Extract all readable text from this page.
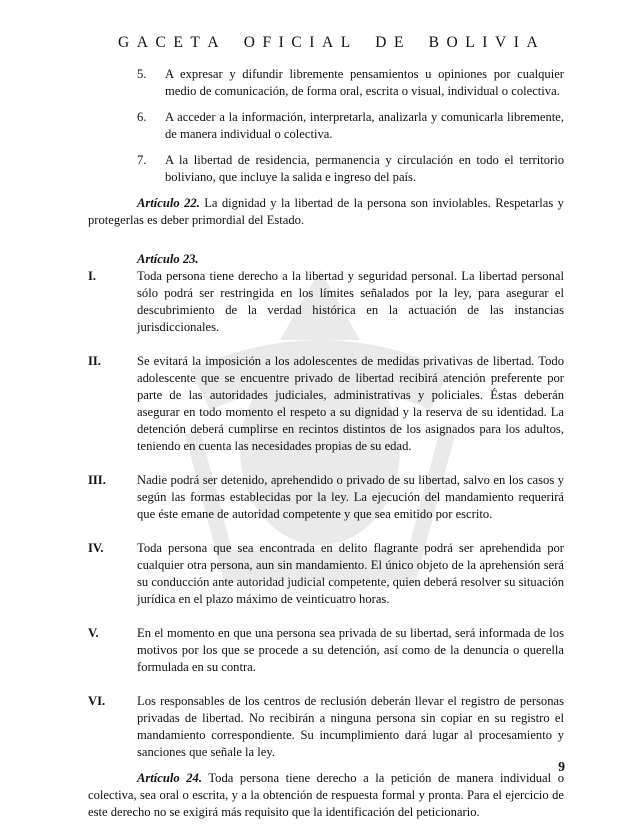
G A C E T A O F I C I A L D E B O L I V I A
5.	A expresar y difundir libremente pensamientos u opiniones por cualquier medio de comunicación, de forma oral, escrita o visual, individual o colectiva.
6.	A acceder a la información, interpretarla, analizarla y comunicarla libremente, de manera individual o colectiva.
7.	A la libertad de residencia, permanencia y circulación en todo el territorio boliviano, que incluye la salida e ingreso del país.
Artículo 22. La dignidad y la libertad de la persona son inviolables. Respetarlas y protegerlas es deber primordial del Estado.
Artículo 23.
I.	Toda persona tiene derecho a la libertad y seguridad personal. La libertad personal sólo podrá ser restringida en los límites señalados por la ley, para asegurar el descubrimiento de la verdad histórica en la actuación de las instancias jurisdiccionales.
II.	Se evitará la imposición a los adolescentes de medidas privativas de libertad. Todo adolescente que se encuentre privado de libertad recibirá atención preferente por parte de las autoridades judiciales, administrativas y policiales. Éstas deberán asegurar en todo momento el respeto a su dignidad y la reserva de su identidad. La detención deberá cumplirse en recintos distintos de los asignados para los adultos, teniendo en cuenta las necesidades propias de su edad.
III.	Nadie podrá ser detenido, aprehendido o privado de su libertad, salvo en los casos y según las formas establecidas por la ley. La ejecución del mandamiento requerirá que éste emane de autoridad competente y que sea emitido por escrito.
IV.	Toda persona que sea encontrada en delito flagrante podrá ser aprehendida por cualquier otra persona, aun sin mandamiento. El único objeto de la aprehensión será su conducción ante autoridad judicial competente, quien deberá resolver su situación jurídica en el plazo máximo de veinticuatro horas.
V.	En el momento en que una persona sea privada de su libertad, será informada de los motivos por los que se procede a su detención, así como de la denuncia o querella formulada en su contra.
VI.	Los responsables de los centros de reclusión deberán llevar el registro de personas privadas de libertad. No recibirán a ninguna persona sin copiar en su registro el mandamiento correspondiente. Su incumplimiento dará lugar al procesamiento y sanciones que señale la ley.
Artículo 24. Toda persona tiene derecho a la petición de manera individual o colectiva, sea oral o escrita, y a la obtención de respuesta formal y pronta. Para el ejercicio de este derecho no se exigirá más requisito que la identificación del peticionario.
9
